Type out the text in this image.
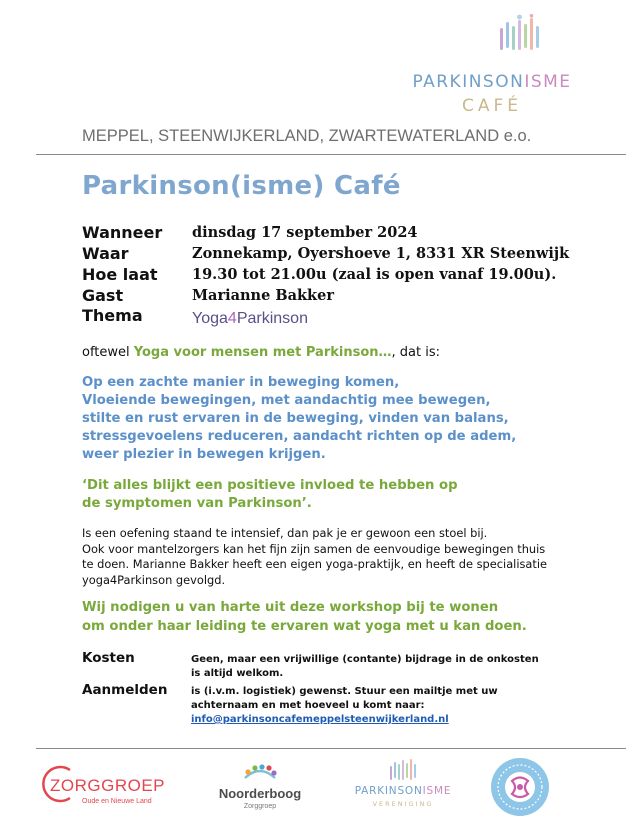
PARKINSONISME
CAFÉ
MEPPEL, STEENWIJKERLAND, ZWARTEWATERLAND e.o.
Parkinson(isme) Café
Wanneer dinsdag 17 september 2024
Waar	Zonnekamp, Oyershoeve 1, 8331 XR Steenwijk
Hoe laat 19.30 tot 21.00u (zaal is open vanaf 19.00u).
Gast	Marianne Bakker
Thema	Yoga4Parkinson
oftewel Yoga voor mensen met Parkinson…, dat is:
Op een zachte manier in beweging komen,
Vloeiende bewegingen, met aandachtig mee bewegen,
stilte en rust ervaren in de beweging, vinden van balans,
stressgevoelens reduceren, aandacht richten op de adem,
weer plezier in bewegen krijgen.
‘Dit alles blijkt een positieve invloed te hebben op
de symptomen van Parkinson’.
Is een oefening staand te intensief, dan pak je er gewoon een stoel bij.
Ook voor mantelzorgers kan het fijn zijn samen de eenvoudige bewegingen thuis
te doen. Marianne Bakker heeft een eigen yoga-praktijk, en heeft de specialisatie
yoga4Parkinson gevolgd.
Wij nodigen u van harte uit deze workshop bij te wonen
om onder haar leiding te ervaren wat yoga met u kan doen.
Kosten	Geen, maar een vrijwillige (contante) bijdrage in de onkosten
is altijd welkom.
Aanmelden is (i.v.m. logistiek) gewenst. Stuur een mailtje met uw
achternaam en met hoeveel u komt naar:
info@parkinsoncafemeppelsteenwijkerland.nl
ZORGGROEP
Oude en Nieuwe Land
Noorderboog
Zorggroep
PARKINSONISME
VERENIGING
